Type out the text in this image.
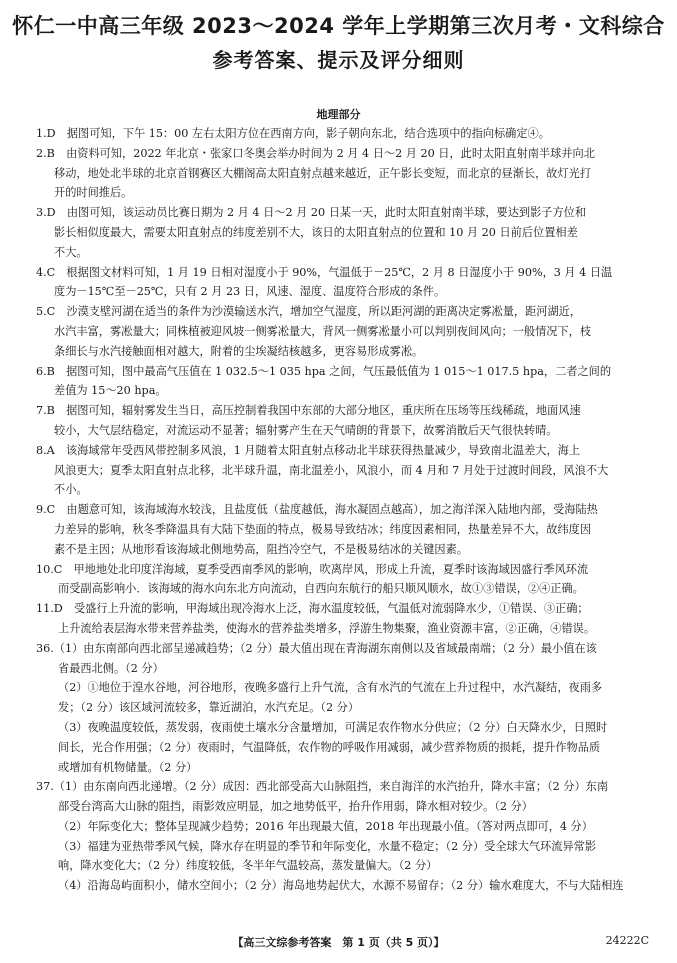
怀仁一中高三年级 2023～2024 学年上学期第三次月考・文科综合
参考答案、提示及评分细则
地理部分
1.D　据图可知，下午 15：00 左右太阳方位在西南方向，影子朝向东北，结合选项中的指向标确定④。
2.B　由资料可知，2022 年北京・张家口冬奥会举办时间为 2 月 4 日～2 月 20 日，此时太阳直射南半球并向北
移动，地处北半球的北京首钢赛区大棚阁高太阳直射点越来越近，正午影长变短，而北京的昼渐长，故灯光打
开的时间推后。
3.D　由图可知，该运动员比赛日期为 2 月 4 日～2 月 20 日某一天，此时太阳直射南半球，要达到影子方位和
影长相似度最大，需要太阳直射点的纬度差别不大，该日的太阳直射点的位置和 10 月 20 日前后位置相差
不大。
4.C　根据图文材料可知，1 月 19 日相对湿度小于 90%，气温低于－25℃，2 月 8 日湿度小于 90%，3 月 4 日温
度为－15℃至－25℃，只有 2 月 23 日，风速、湿度、温度符合形成的条件。
5.C　沙漠支壁河湖在适当的条件为沙漠输送水汽，增加空气湿度，所以距河湖的距离决定雾凇量，距河湖近，
水汽丰富，雾凇量大；同株植被迎风坡一侧雾凇量大，背风一侧雾凇量小可以判别夜间风向；一般情况下，枝
条细长与水汽接触面相对越大，附着的尘埃凝结核越多，更容易形成雾凇。
6.B　据图可知，图中最高气压值在 1 032.5～1 035 hpa 之间，气压最低值为 1 015～1 017.5 hpa，二者之间的
差值为 15～20 hpa。
7.B　据图可知，辐射雾发生当日，高压控制着我国中东部的大部分地区，重庆所在压场等压线稀疏，地面风速
较小，大气层结稳定，对流运动不显著；辐射雾产生在天气晴朗的背景下，故雾消散后天气很快转晴。
8.A　该海域常年受西风带控制多风浪，1 月随着太阳直射点移动北半球获得热量减少，导致南北温差大，海上
风浪更大；夏季太阳直射点北移，北半球升温，南北温差小，风浪小，而 4 月和 7 月处于过渡时间段，风浪不大
不小。
9.C　由题意可知，该海域海水较浅，且盐度低（盐度越低，海水凝固点越高），加之海洋深入陆地内部，受海陆热
力差异的影响，秋冬季降温具有大陆下垫面的特点，极易导致结冰；纬度因素相同，热量差异不大，故纬度因
素不是主因；从地形看该海域北侧地势高，阻挡冷空气，不是极易结冰的关键因素。
10.C　甲地地处北印度洋海域，夏季受西南季风的影响，吹离岸风，形成上升流，夏季时该海域因盛行季风环流
而受副高影响小．该海域的海水向东北方向流动，自西向东航行的船只顺风顺水，故①③错误，②④正确。
11.D　受盛行上升流的影响，甲海域出现冷海水上泛，海水温度较低，气温低对流弱降水少，①错误、③正确；
上升流给表层海水带来营养盐类，使海水的营养盐类增多，浮游生物集聚，渔业资源丰富，②正确，④错误。
36.（1）由东南部向西北部呈递减趋势；（2 分）最大值出现在青海湖东南侧以及省域最南端；（2 分）最小值在该
省最西北侧。（2 分）
（2）①地位于湟水谷地，河谷地形，夜晚多盛行上升气流，含有水汽的气流在上升过程中，水汽凝结，夜雨多
发；（2 分）该区域河流较多，靠近湖泊，水汽充足。（2 分）
（3）夜晚温度较低，蒸发弱，夜雨使土壤水分含量增加，可满足农作物水分供应；（2 分）白天降水少，日照时
间长，光合作用强；（2 分）夜雨时，气温降低，农作物的呼吸作用减弱，减少营养物质的损耗，提升作物品质
或增加有机物储量。（2 分）
37.（1）由东南向西北递增。（2 分）成因：西北部受高大山脉阻挡，来自海洋的水汽抬升，降水丰富；（2 分）东南
部受台湾高大山脉的阻挡，雨影效应明显，加之地势低平，抬升作用弱，降水相对较少。（2 分）
（2）年际变化大；整体呈现减少趋势；2016 年出现最大值，2018 年出现最小值。（答对两点即可，4 分）
（3）福建为亚热带季风气候，降水存在明显的季节和年际变化，水量不稳定；（2 分）受全球大气环流异常影
响，降水变化大；（2 分）纬度较低，冬半年气温较高，蒸发量偏大。（2 分）
（4）沿海岛屿面积小，储水空间小；（2 分）海岛地势起伏大，水源不易留存；（2 分）输水难度大，不与大陆相连
【高三文综参考答案　第 1 页（共 5 页）】	24222C
